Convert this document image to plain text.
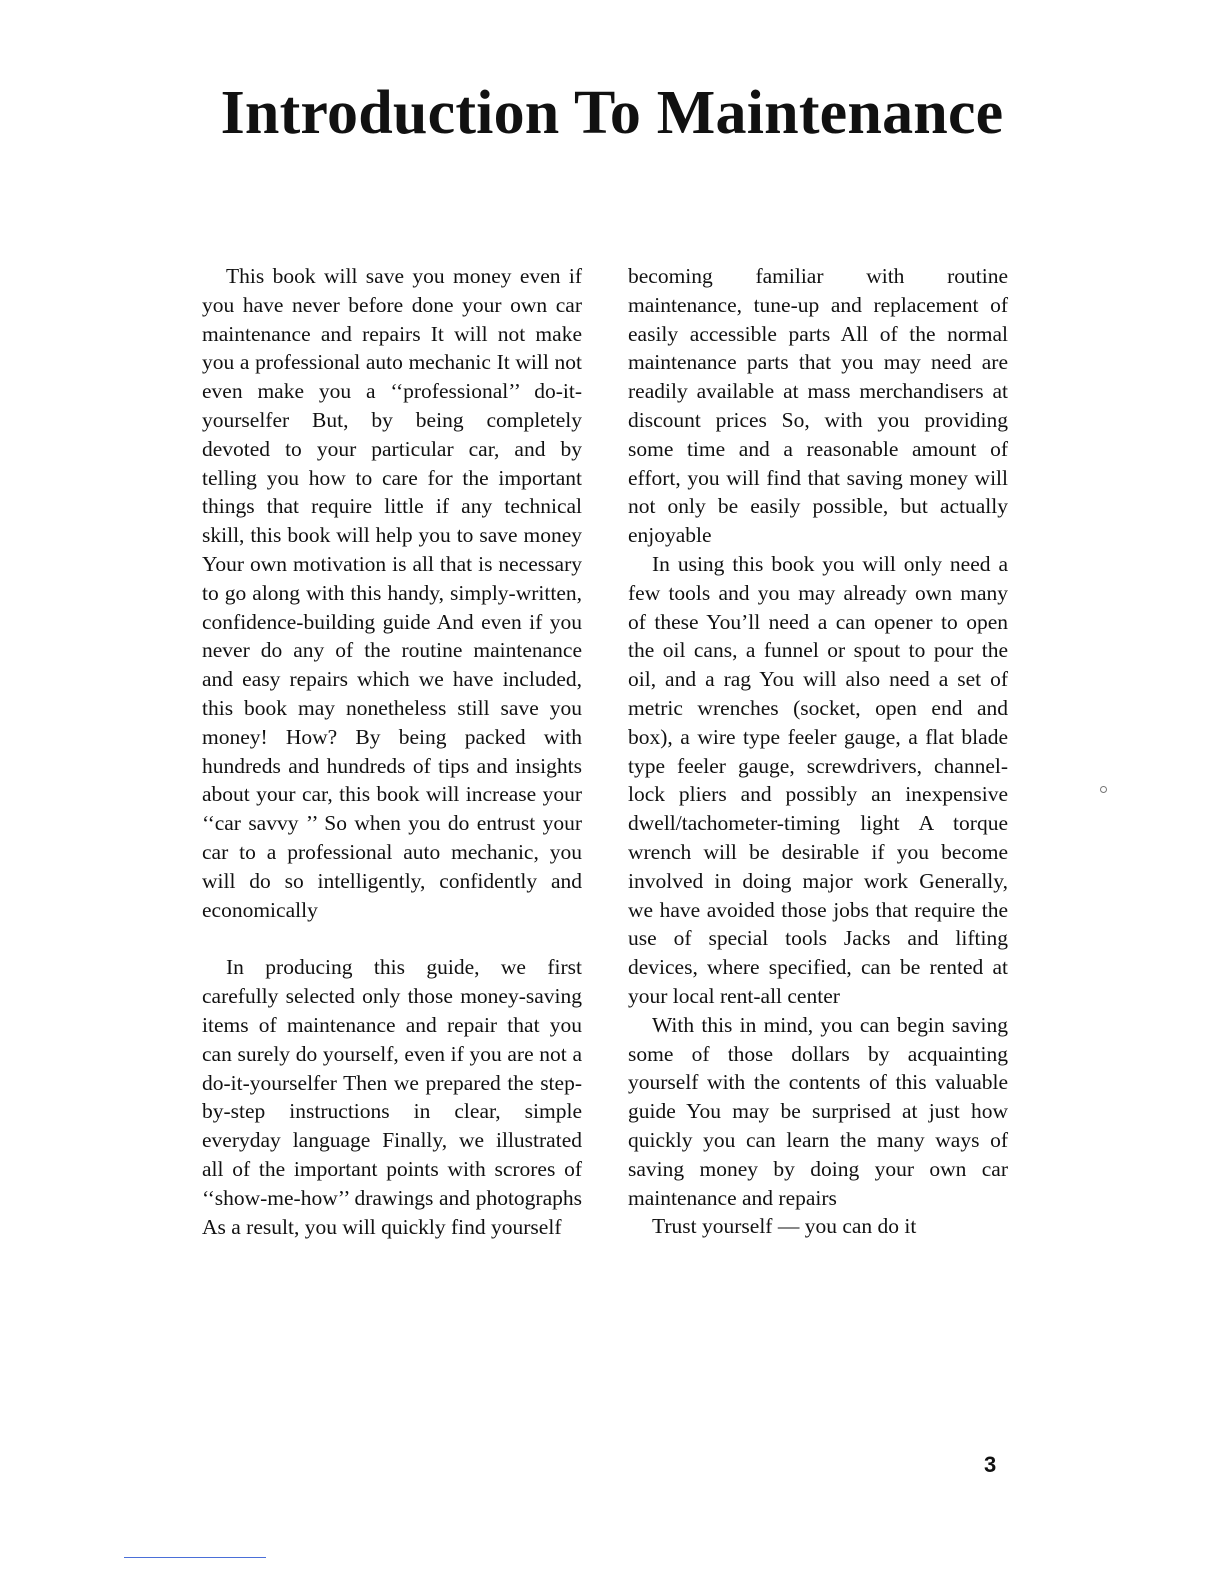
Introduction To Maintenance

This book will save you money even if you have never before done your own car maintenance and repairs It will not make you a professional auto mechanic It will not even make you a ‘‘professional’’ do-it-yourselfer But, by being completely devoted to your particular car, and by telling you how to care for the important things that require little if any technical skill, this book will help you to save money Your own motivation is all that is necessary to go along with this handy, simply-written, confidence-building guide And even if you never do any of the routine maintenance and easy repairs which we have included, this book may nonetheless still save you money! How? By being packed with hundreds and hundreds of tips and insights about your car, this book will increase your ‘‘car savvy ’’ So when you do entrust your car to a professional auto mechanic, you will do so intelligently, confidently and economically

In producing this guide, we first carefully selected only those money-saving items of maintenance and repair that you can surely do yourself, even if you are not a do-it-yourselfer Then we prepared the step-by-step instructions in clear, simple everyday language Finally, we illustrated all of the important points with scrores of ‘‘show-me-how’’ drawings and photographs As a result, you will quickly find yourself

becoming familiar with routine maintenance, tune-up and replacement of easily accessible parts All of the normal maintenance parts that you may need are readily available at mass merchandisers at discount prices So, with you providing some time and a reasonable amount of effort, you will find that saving money will not only be easily possible, but actually enjoyable

In using this book you will only need a few tools and you may already own many of these You’ll need a can opener to open the oil cans, a funnel or spout to pour the oil, and a rag You will also need a set of metric wrenches (socket, open end and box), a wire type feeler gauge, a flat blade type feeler gauge, screwdrivers, channel-lock pliers and possibly an inexpensive dwell/tachometer-timing light A torque wrench will be desirable if you become involved in doing major work Generally, we have avoided those jobs that require the use of special tools Jacks and lifting devices, where specified, can be rented at your local rent-all center

With this in mind, you can begin saving some of those dollars by acquainting yourself with the contents of this valuable guide You may be surprised at just how quickly you can learn the many ways of saving money by doing your own car maintenance and repairs

Trust yourself — you can do it

3
